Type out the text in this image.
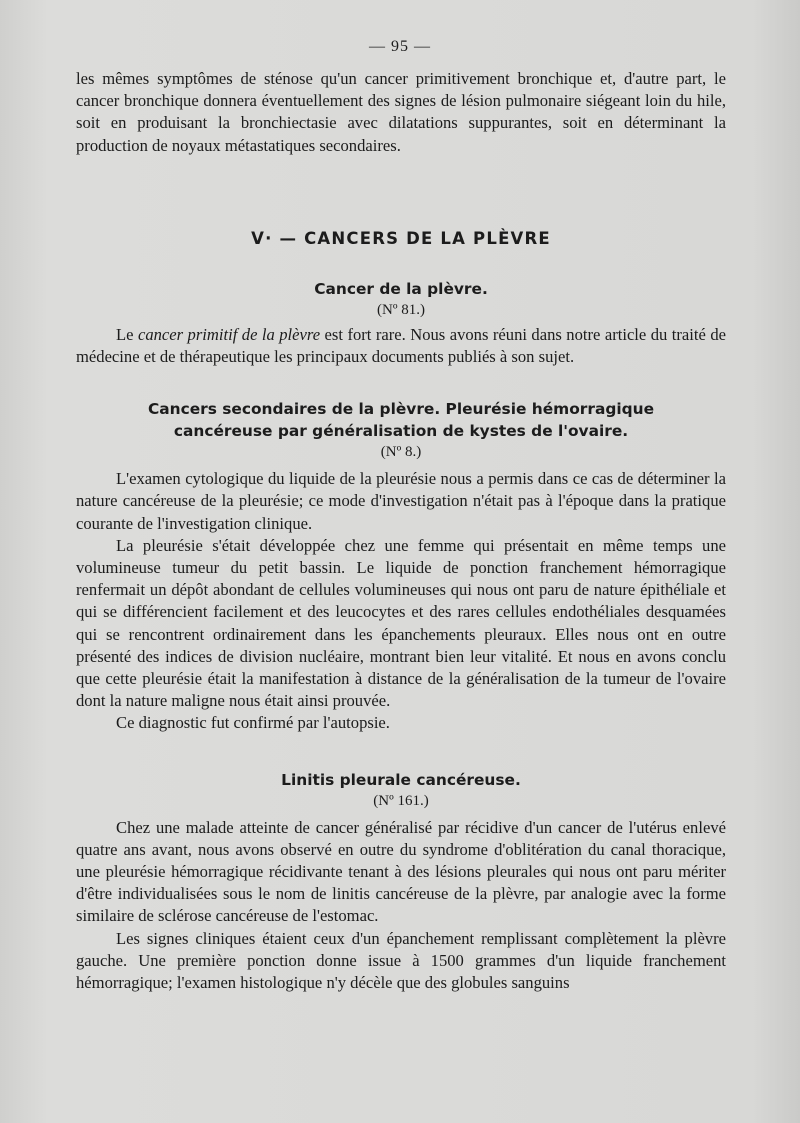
— 95 —

les mêmes symptômes de sténose qu'un cancer primitivement bronchique et, d'autre part, le cancer bronchique donnera éventuellement des signes de lésion pulmonaire siégeant loin du hile, soit en produisant la bronchiectasie avec dilatations suppurantes, soit en déterminant la production de noyaux métastatiques secondaires.

V· — CANCERS DE LA PLÈVRE
Cancer de la plèvre.
(Nº 81.)

Le cancer primitif de la plèvre est fort rare. Nous avons réuni dans notre article du traité de médecine et de thérapeutique les principaux documents publiés à son sujet.

Cancers secondaires de la plèvre. Pleurésie hémorragique
cancéreuse par généralisation de kystes de l'ovaire.
(Nº 8.)

L'examen cytologique du liquide de la pleurésie nous a permis dans ce cas de déterminer la nature cancéreuse de la pleurésie; ce mode d'investigation n'était pas à l'époque dans la pratique courante de l'investigation clinique.

La pleurésie s'était développée chez une femme qui présentait en même temps une volumineuse tumeur du petit bassin. Le liquide de ponction franchement hémorragique renfermait un dépôt abondant de cellules volumineuses qui nous ont paru de nature épithéliale et qui se différencient facilement et des leucocytes et des rares cellules endothéliales desquamées qui se rencontrent ordinairement dans les épanchements pleuraux. Elles nous ont en outre présenté des indices de division nucléaire, montrant bien leur vitalité. Et nous en avons conclu que cette pleurésie était la manifestation à distance de la généralisation de la tumeur de l'ovaire dont la nature maligne nous était ainsi prouvée.

Ce diagnostic fut confirmé par l'autopsie.

Linitis pleurale cancéreuse.
(Nº 161.)

Chez une malade atteinte de cancer généralisé par récidive d'un cancer de l'utérus enlevé quatre ans avant, nous avons observé en outre du syndrome d'oblitération du canal thoracique, une pleurésie hémorragique récidivante tenant à des lésions pleurales qui nous ont paru mériter d'être individualisées sous le nom de linitis cancéreuse de la plèvre, par analogie avec la forme similaire de sclérose cancéreuse de l'estomac.

Les signes cliniques étaient ceux d'un épanchement remplissant complètement la plèvre gauche. Une première ponction donne issue à 1500 grammes d'un liquide franchement hémorragique; l'examen histologique n'y décèle que des globules sanguins
